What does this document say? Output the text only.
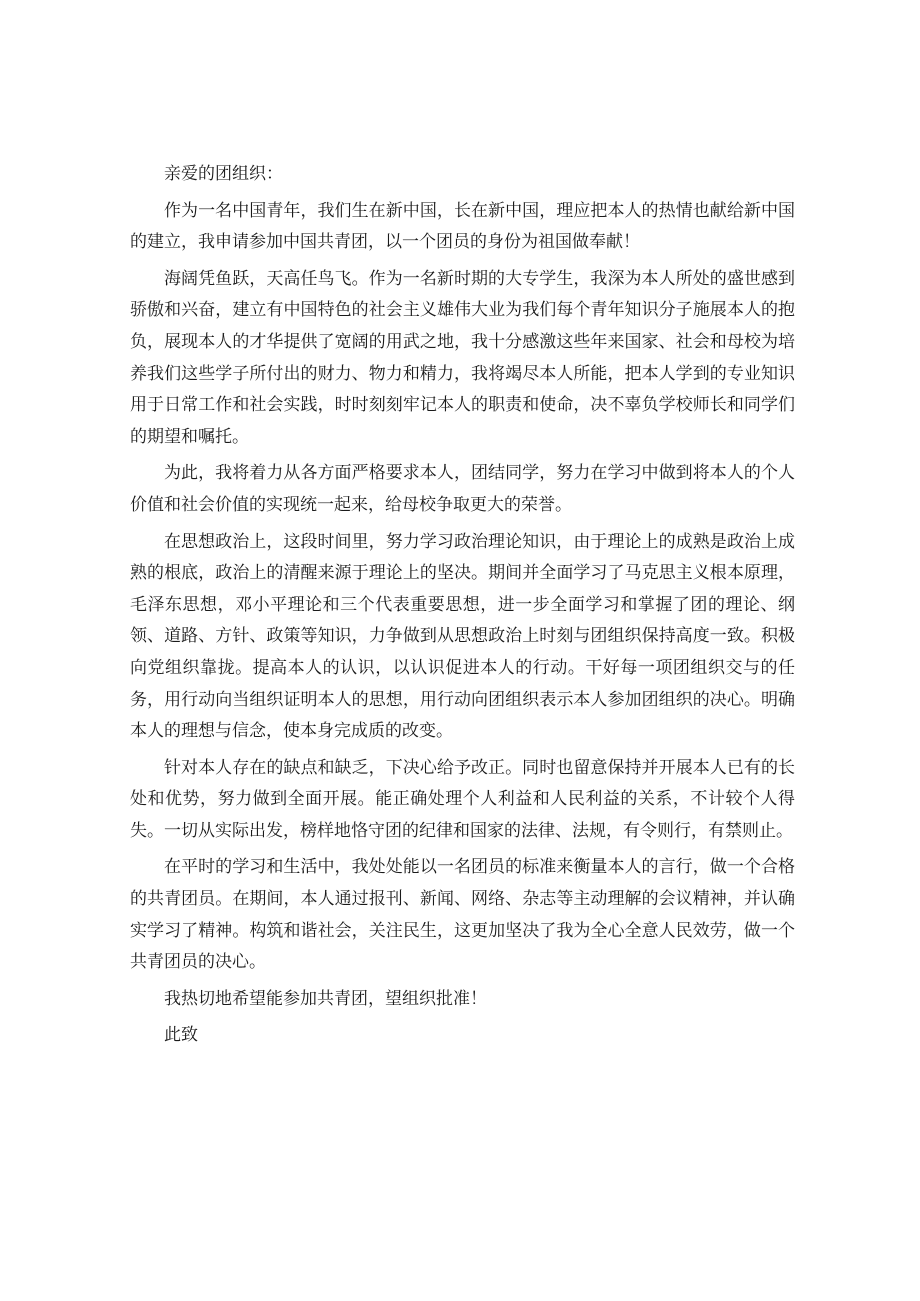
亲爱的团组织：

作为一名中国青年，我们生在新中国，长在新中国，理应把本人的热情也献给新中国的建立，我申请参加中国共青团，以一个团员的身份为祖国做奉献！

海阔凭鱼跃，天高任鸟飞。作为一名新时期的大专学生，我深为本人所处的盛世感到骄傲和兴奋，建立有中国特色的社会主义雄伟大业为我们每个青年知识分子施展本人的抱负，展现本人的才华提供了宽阔的用武之地，我十分感激这些年来国家、社会和母校为培养我们这些学子所付出的财力、物力和精力，我将竭尽本人所能，把本人学到的专业知识用于日常工作和社会实践，时时刻刻牢记本人的职责和使命，决不辜负学校师长和同学们的期望和嘱托。

为此，我将着力从各方面严格要求本人，团结同学，努力在学习中做到将本人的个人价值和社会价值的实现统一起来，给母校争取更大的荣誉。

在思想政治上，这段时间里，努力学习政治理论知识，由于理论上的成熟是政治上成熟的根底，政治上的清醒来源于理论上的坚决。期间并全面学习了马克思主义根本原理，毛泽东思想，邓小平理论和三个代表重要思想，进一步全面学习和掌握了团的理论、纲领、道路、方针、政策等知识，力争做到从思想政治上时刻与团组织保持高度一致。积极向党组织靠拢。提高本人的认识，以认识促进本人的行动。干好每一项团组织交与的任务，用行动向当组织证明本人的思想，用行动向团组织表示本人参加团组织的决心。明确本人的理想与信念，使本身完成质的改变。

针对本人存在的缺点和缺乏，下决心给予改正。同时也留意保持并开展本人已有的长处和优势，努力做到全面开展。能正确处理个人利益和人民利益的关系，不计较个人得失。一切从实际出发，榜样地恪守团的纪律和国家的法律、法规，有令则行，有禁则止。

在平时的学习和生活中，我处处能以一名团员的标准来衡量本人的言行，做一个合格的共青团员。在期间，本人通过报刊、新闻、网络、杂志等主动理解的会议精神，并认确实学习了精神。构筑和谐社会，关注民生，这更加坚决了我为全心全意人民效劳，做一个共青团员的决心。

我热切地希望能参加共青团，望组织批准！

此致
